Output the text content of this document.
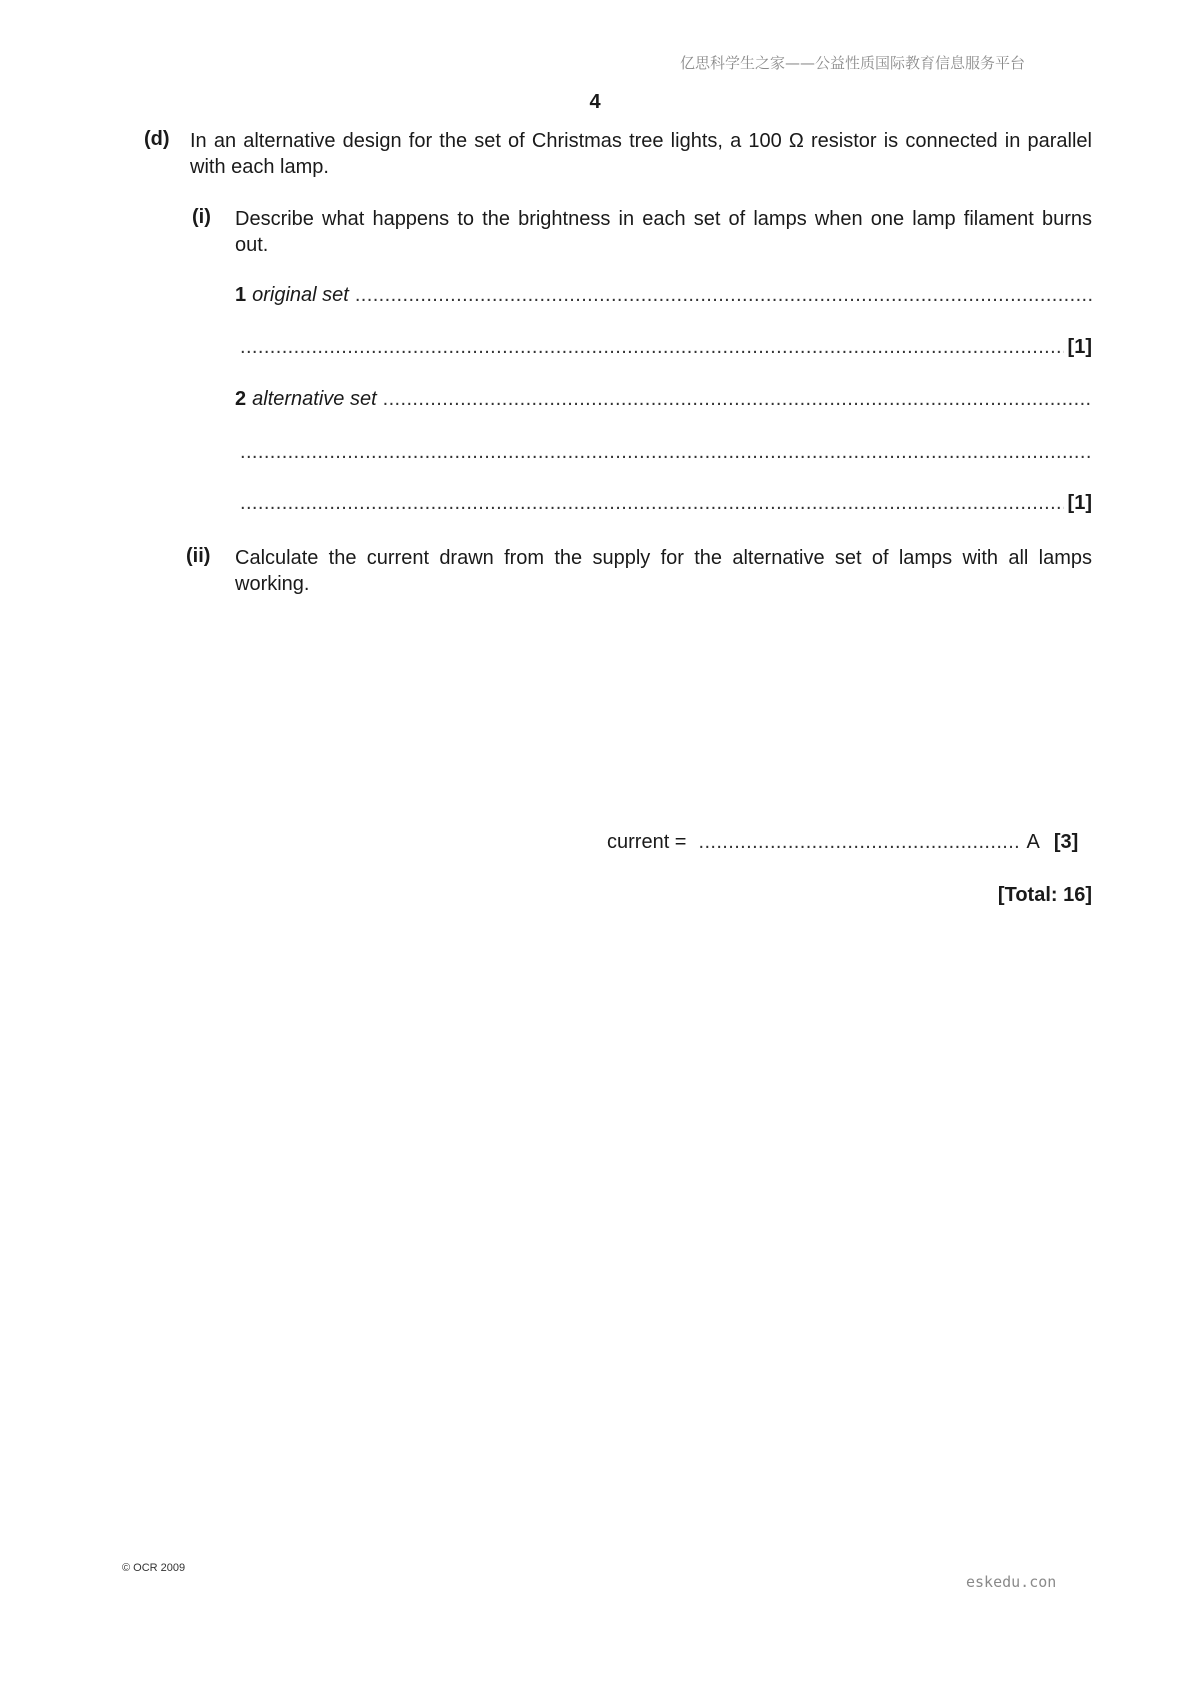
亿思科学生之家——公益性质国际教育信息服务平台
4
(d) In an alternative design for the set of Christmas tree lights, a 100 Ω resistor is connected in parallel with each lamp.
(i) Describe what happens to the brightness in each set of lamps when one lamp filament burns out.
1 original set
.....
.....
[1]
2 alternative set
.....
.....
.....
[1]
(ii) Calculate the current drawn from the supply for the alternative set of lamps with all lamps working.
current =
.....	A [3]
[Total: 16]
© OCR 2009
eskedu.con
